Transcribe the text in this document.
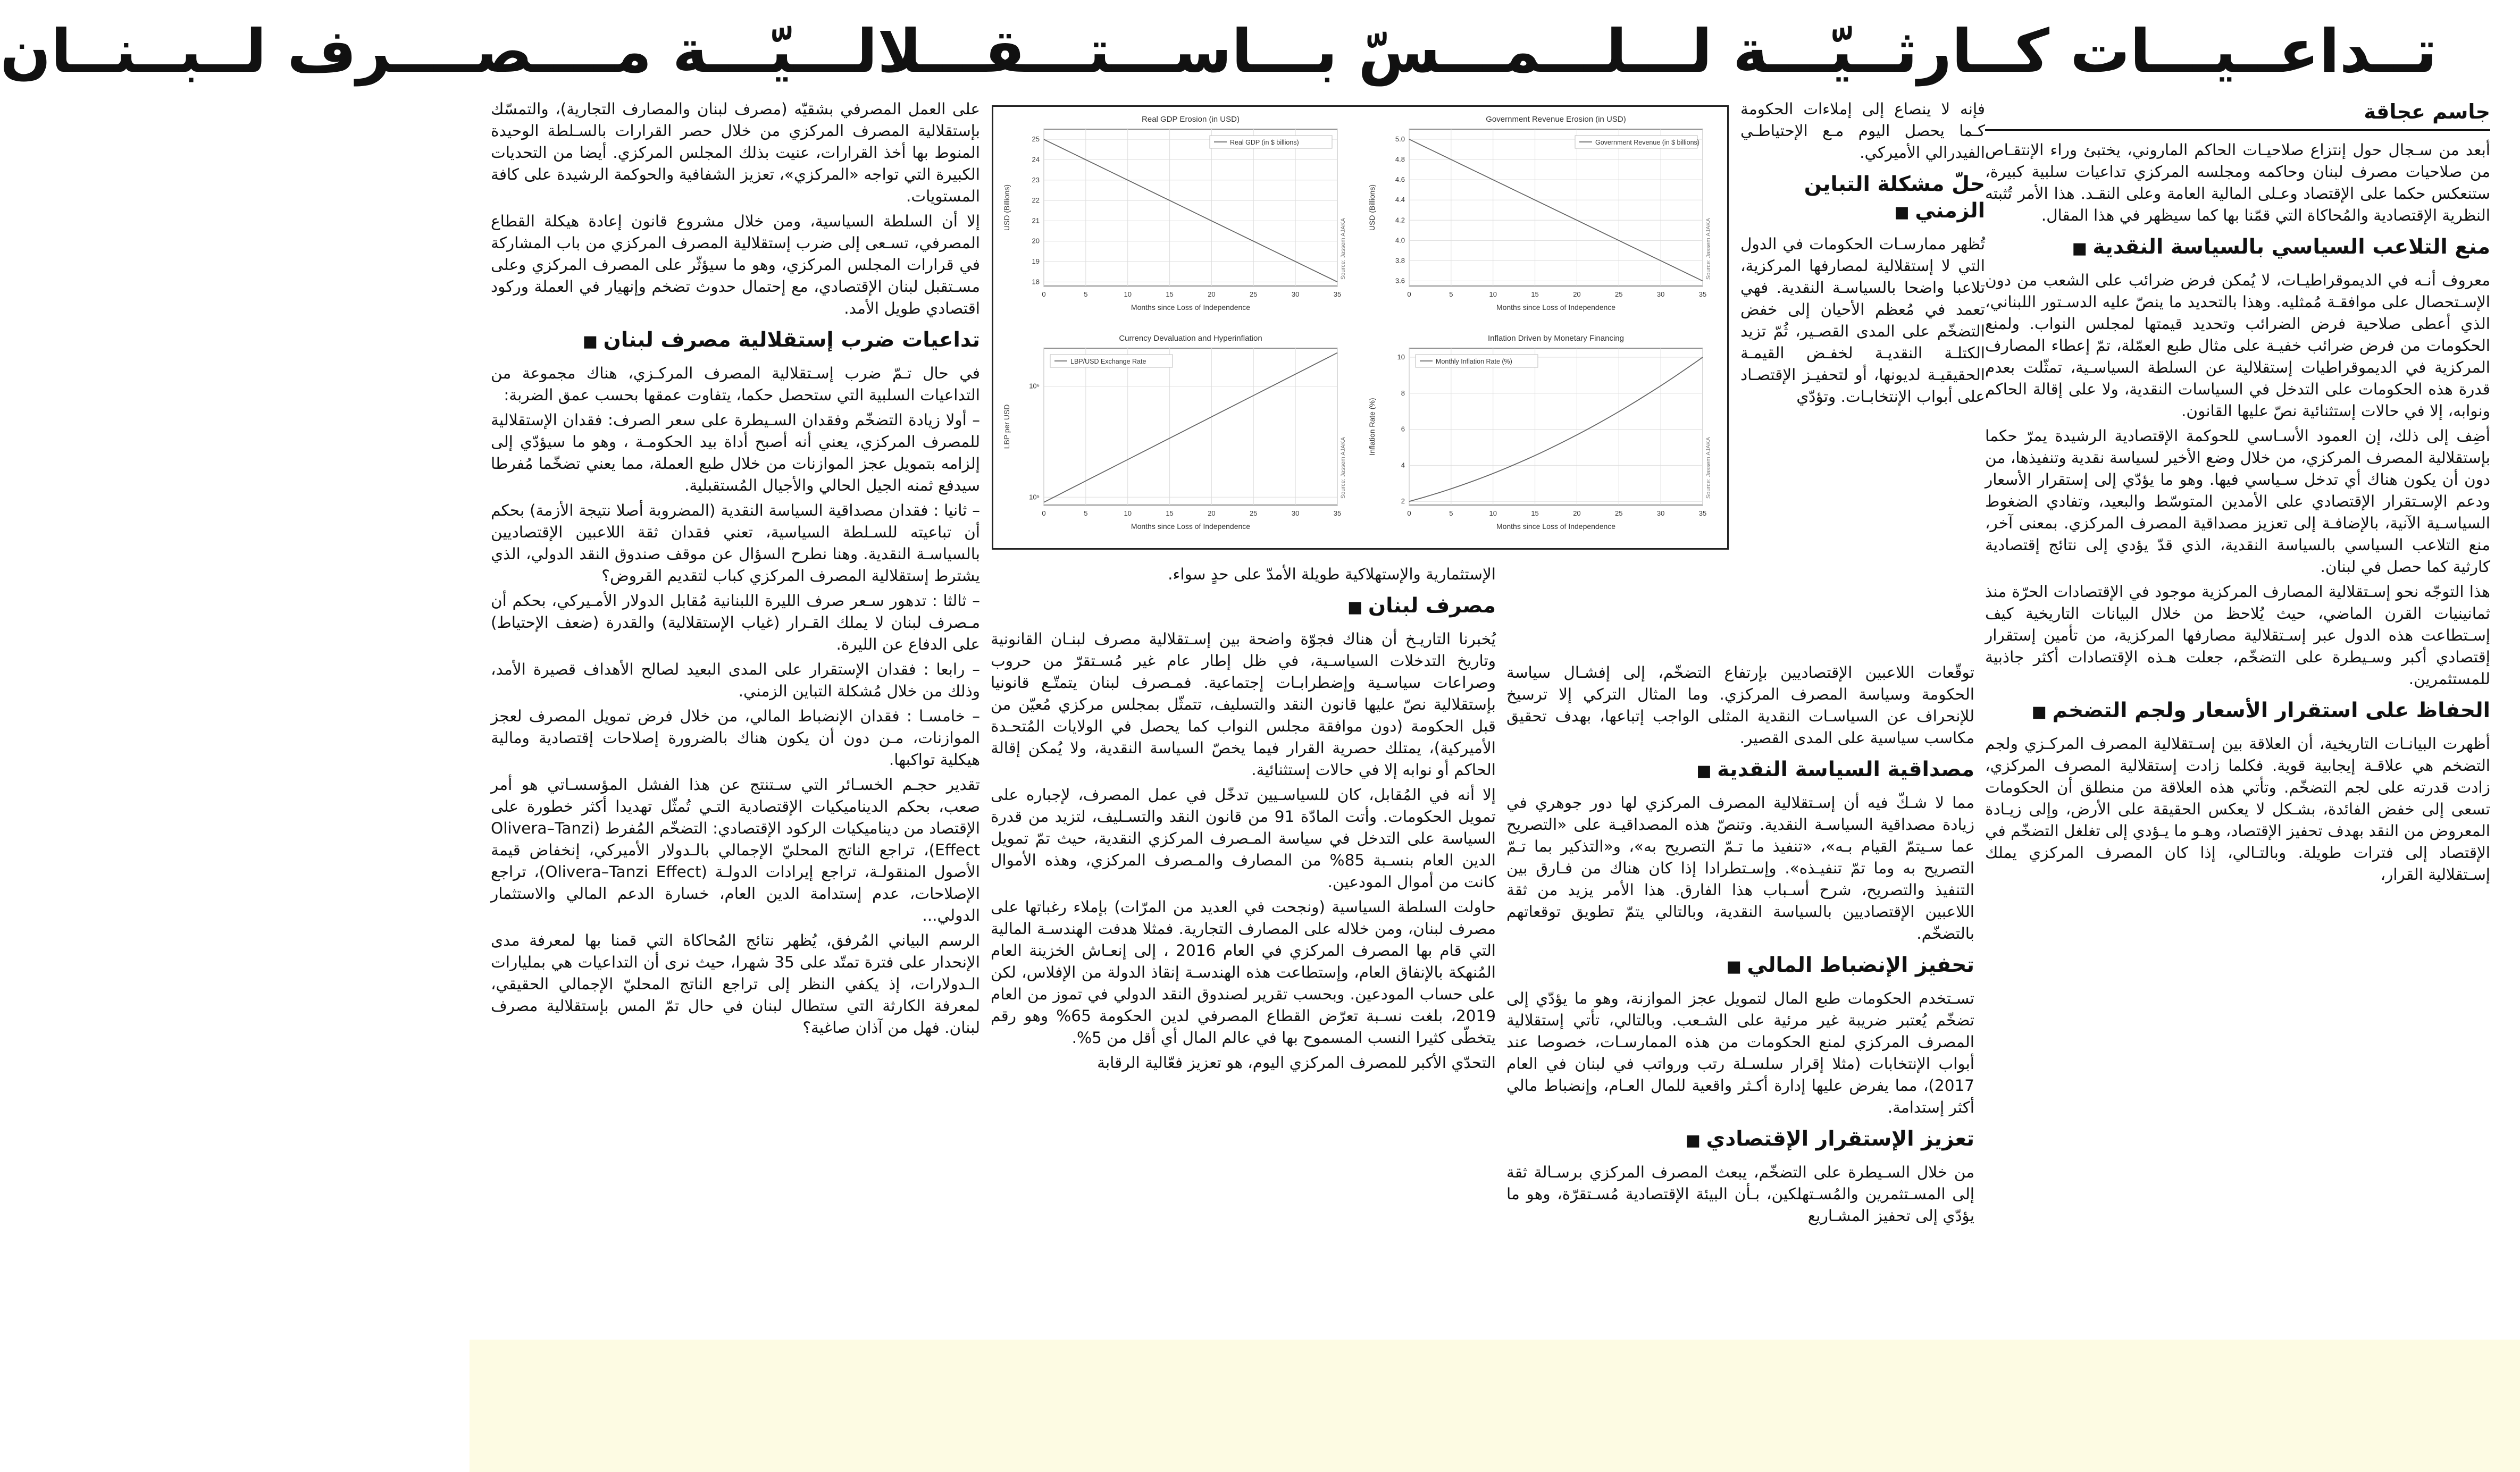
تــداعــيـــات كــارثــيّـــة لـــلـــمـــسّ بـــاســـتـــقـــلالـــيّـــة مــــصــــرف لــبــنــان
جاسم عجاقة

أبعد من سـجال حول إنتزاع صلاحيـات الحاكم الماروني، يختبئ وراء الإنتقـاص من صلاحيات مصرف لبنان وحاكمه ومجلسه المركزي تداعيات سلبية كبيرة، ستنعكس حكما على الإقتصاد وعـلى المالية العامة وعلى النقـد. هذا الأمر تُثبته النظرية الإقتصادية والمُحاكاة التي قمّنا بها كما سيظهر في هذا المقال.

منع التلاعب السياسي بالسياسة النقدية ■

معروف أنـه في الديموقراطيـات، لا يُمكن فرض ضرائب على الشعب من دون الإسـتحصال على موافقـة مُمثليه. وهذا بالتحديد ما ينصّ عليه الدسـتور اللبناني، الذي أعطى صلاحية فرض الضرائب وتحديد قيمتها لمجلس النواب. ولمنع الحكومات من فرض ضرائب خفيـة على مثال طبع العمّلة، تمّ إعطاء المصارف المركزية في الديموقراطيات إستقلالية عن السلطة السياسـية، تمثّلت بعدم قدرة هذه الحكومات على التدخل في السياسات النقدية، ولا على إقالة الحاكم ونوابه، إلا في حالات إستثنائية نصّ عليها القانون.

أضِف إلى ذلك، إن العمود الأسـاسي للحوكمة الإقتصادية الرشيدة يمرّ حكما بإستقلالية المصرف المركزي، من خلال وضع الأخير لسياسة نقدية وتنفيذها، من دون أن يكون هناك أي تدخل سـياسي فيها. وهو ما يؤدّي إلى إستقرار الأسعار ودعم الإسـتقرار الإقتصادي على الأمدين المتوسّط والبعيد، وتفادي الضغوط السياسـية الآنية، بالإضافـة إلى تعزيز مصداقية المصرف المركزي. بمعنى آخر، منع التلاعب السياسي بالسياسة النقدية، الذي قدّ يؤدي إلى نتائج إقتصادية كارثية كما حصل في لبنان.

هذا التوجّه نحو إسـتقلالية المصارف المركزية موجود في الإقتصادات الحرّة منذ ثمانينيات القرن الماضي، حيث يُلاحظ من خلال البيانات التاريخية كيف إسـتطاعت هذه الدول عبر إسـتقلالية مصارفها المركزية، من تأمين إستقرار إقتصادي أكبر وسـيطرة على التضخّم، جعلت هـذه الإقتصادات أكثر جاذبية للمستثمرين.

الحفاظ على استقرار الأسعار ولجم التضخم ■

أظهرت البيانـات التاريخية، أن العلاقة بين إسـتقلالية المصرف المركـزي ولجم التضخم هي علاقـة إيجابية قوية. فكلما زادت إستقلالية المصرف المركزي، زادت قدرته على لجم التضخّم. وتأتي هذه العلاقة من منطلق أن الحكومات تسعى إلى خفض الفائدة، بشـكل لا يعكس الحقيقة على الأرض، وإلى زيـادة المعروض من النقد بهدف تحفيز الإقتصاد، وهـو ما يـؤدي إلى تغلغل التضخّم في الإقتصاد إلى فترات طويلة. وبالتـالي، إذا كان المصرف المركزي يملك إسـتقلالية القرار،

فإنه لا ينصاع إلى إملاءات الحكومة كـما يحصل اليوم مـع الإحتياطـي الفيدرالي الأميركي.

حلّ مشكلة التباين الزمني ■

تُظهر ممارسـات الحكومات في الدول التي لا إستقلالية لمصارفها المركزية، تلاعبا واضحا بالسياسـة النقدية. فهي تعمد في مُعظم الأحيان إلى خفض التضخّم على المدى القصـير، ثُمّ تزيد الكتلـة النقديـة لخفـض القيمـة الحقيقيـة لديونها، أو لتحفيـز الإقتصـاد على أبواب الإنتخابـات. وتؤدّي

توقّعات اللاعبين الإقتصاديين بإرتفاع التضخّم، إلى إفشـال سياسة الحكومة وسياسة المصرف المركزي. وما المثال التركي إلا ترسيخ للإنحراف عن السياسـات النقدية المثلى الواجب إتباعها، بهدف تحقيق مكاسب سياسية على المدى القصير.

مصداقية السياسة النقدية ■

مما لا شـكّ فيه أن إسـتقلالية المصرف المركزي لها دور جوهري في زيادة مصداقية السياسـة النقدية. وتنصّ هذه المصداقيـة على «التصريح عما سـيتمّ القيام بـه»، «تنفيذ ما تـمّ التصريح به»، و«التذكير بما تـمّ التصريح به وما تمّ تنفيـذه». وإسـتطرادا إذا كان هناك من فـارق بين التنفيذ والتصريح، شرح أسـباب هذا الفارق. هذا الأمر يزيد من ثقة اللاعبين الإقتصاديين بالسياسة النقدية، وبالتالي يتمّ تطويق توقعاتهم بالتضخّم.

تحفيز الإنضباط المالي ■

تسـتخدم الحكومات طبع المال لتمويل عجز الموازنة، وهو ما يؤدّي إلى تضخّم يُعتبر ضريبة غير مرئية على الشـعب. وبالتالي، تأتي إستقلالية المصرف المركزي لمنع الحكومات من هذه الممارسـات، خصوصا عند أبواب الإنتخابات (مثلا إقرار سلسـلة رتب ورواتب في لبنان في العام 2017)، مما يفرض عليها إدارة أكـثر واقعية للمال العـام، وإنضباط مالي أكثر إستدامة.

تعزيز الإستقرار الإقتصادي ■

من خلال السـيطرة على التضخّم، يبعث المصرف المركزي برسـالة ثقة إلى المسـتثمرين والمُسـتهلكين، بـأن البيئة الإقتصادية مُسـتقرّة، وهو ما يؤدّي إلى تحفيز المشـاريع

الإستثمارية والإستهلاكية طويلة الأمدّ على حدٍ سواء.

مصرف لبنان ■

يُخبرنا التاريـخ أن هناك فجوّة واضحة بين إسـتقلالية مصرف لبنـان القانونية وتاريخ التدخلات السياسـية، في ظل إطار عام غير مُسـتقرّ من حروب وصراعات سياسـية وإضطرابـات إجتماعية. فمـصرف لبنان يتمتّـع قانونيا بإستقلالية نصّ عليها قانون النقد والتسليف، تتمثّل بمجلس مركزي مُعيّن من قبل الحكومة (دون موافقة مجلس النواب كما يحصل في الولايات المُتحـدة الأميركية)، يمتلك حصرية القرار فيما يخصّ السياسة النقدية، ولا يُمكن إقالة الحاكم أو نوابه إلا في حالات إستثنائية.

إلا أنه في المُقابل، كان للسياسـيين تدخّل في عمل المصرف، لإجباره على تمويل الحكومات. وأتت المادّة 91 من قانون النقد والتسـليف، لتزيد من قدرة السياسة على التدخل في سياسة المـصرف المركزي النقدية، حيث تمّ تمويل الدين العام بنسـبة 85% من المصارف والمـصرف المركزي، وهذه الأموال كانت من أموال المودعين.

حاولت السلطة السياسية (ونجحت في العديد من المرّات) بإملاء رغباتها على مصرف لبنان، ومن خلاله على المصارف التجارية. فمثلا هدفت الهندسـة المالية التي قام بها المصرف المركزي في العام 2016 ، إلى إنعـاش الخزينة العام المُنهكة بالإنفاق العام، وإستطاعت هذه الهندسـة إنقاذ الدولة من الإفلاس، لكن على حساب المودعين. وبحسب تقرير لصندوق النقد الدولي في تموز من العام 2019، بلغت نسـبة تعرّض القطاع المصرفي لدين الحكومة 65% وهو رقم يتخطّى كثيرا النسب المسموح بها في عالم المال أي أقل من 5%.

التحدّي الأكبر للمصرف المركزي اليوم، هو تعزيز فعّالية الرقابة

على العمل المصرفي بشقيّه (مصرف لبنان والمصارف التجارية)، والتمسّك بإستقلالية المصرف المركزي من خلال حصر القرارات بالسـلطة الوحيدة المنوط بها أخذ القرارات، عنيت بذلك المجلس المركزي. أيضا من التحديات الكبيرة التي تواجه «المركزي»، تعزيز الشفافية والحوكمة الرشيدة على كافة المستويات.

إلا أن السلطة السياسية، ومن خلال مشروع قانون إعادة هيكلة القطاع المصرفي، تسـعى إلى ضرب إستقلالية المصرف المركزي من باب المشاركة في قرارات المجلس المركزي، وهو ما سيؤثّر على المصرف المركزي وعلى مسـتقبل لبنان الإقتصادي، مع إحتمال حدوث تضخم وإنهيار في العملة وركود اقتصادي طويل الأمد.

تداعيات ضرب إستقلالية مصرف لبنان ■

في حال تـمّ ضرب إسـتقلالية المصرف المركـزي، هناك مجموعة من التداعيات السلبية التي ستحصل حكما، يتفاوت عمقها بحسب عمق الضربة:

– أولا زيادة التضخّم وفقدان السـيطرة على سعر الصرف: فقدان الإستقلالية للمصرف المركزي، يعني أنه أصبح أداة بيد الحكومـة ، وهو ما سيؤدّي إلى إلزامه بتمويل عجز الموازنات من خلال طبع العملة، مما يعني تضخّما مُفرطا سيدفع ثمنه الجيل الحالي والأجيال المُستقبلية.

– ثانيا : فقدان مصداقية السياسة النقدية (المضروبة أصلا نتيجة الأزمة) بحكم أن تباعيته للسـلطة السياسية، تعني فقدان ثقة اللاعبين الإقتصاديين بالسياسـة النقدية. وهنا نطرح السؤال عن موقف صندوق النقد الدولي، الذي يشترط إستقلالية المصرف المركزي كباب لتقديم القروض؟

– ثالثا : تدهور سـعر صرف الليرة اللبنانية مُقابل الدولار الأمـيركي، بحكم أن مـصرف لبنان لا يملك القـرار (غياب الإستقلالية) والقدرة (ضعف الإحتياط) على الدفاع عن الليرة.

– رابعا : فقدان الإستقرار على المدى البعيد لصالح الأهداف قصيرة الأمد، وذلك من خلال مُشكلة التباين الزمني.

– خامسـا : فقدان الإنضباط المالي، من خلال فرض تمويل المصرف لعجز الموازنات، مـن دون أن يكون هناك بالضرورة إصلاحات إقتصادية ومالية هيكلية تواكبها.

تقدير حجـم الخسـائر التي سـتنتج عن هذا الفشل المؤسسـاتي هو أمر صعب، بحكم الديناميكيات الإقتصادية التـي تُمثّل تهديدا أكثر خطورة على الإقتصاد من ديناميكيات الركود الإقتصادي: التضخّم المُفرط (Olivera–Tanzi Effect)، تراجع الناتج المحليّ الإجمالي بالـدولار الأميركي، إنخفاض قيمة الأصول المنقولـة، تراجع إيرادات الدولـة (Olivera–Tanzi Effect)، تراجع الإصلاحات، عدم إستدامة الدين العام، خسارة الدعم المالي والاستثمار الدولي...

الرسم البياني المُرفق، يُظهر نتائج المُحاكاة التي قمنا بها لمعرفة مدى الإنحدار على فترة تمتّد على 35 شهرا، حيث نرى أن التداعيات هي بمليارات الـدولارات، إذ يكفي النظر إلى تراجع الناتج المحليّ الإجمالي الحقيقي، لمعرفة الكارثة التي ستطال لبنان في حال تمّ المس بإستقلالية مصرف لبنان. فهل من آذان صاغية؟

Real GDP Erosion (in USD)
0	5	10	15	20	25	30	35
18
19
20
21
22
23
24
25	Real GDP (in $ billions)
Months since Loss of Independence
USD (Billions)
Source: Jassem AJAKA
Government Revenue Erosion (in USD)
0	5	10	15	20	25	30	35
3.6
3.8
4.0
4.2
4.4
4.6
4.8
5.0	Government Revenue (in $ billions)
Months since Loss of Independence
USD (Billions)
Source: Jassem AJAKA
Currency Devaluation and Hyperinflation
0	5	10	15	20	25	30	35
10⁵
10⁶
LBP/USD Exchange Rate
Months since Loss of Independence
LBP per USD
Source: Jassem AJAKA
Inflation Driven by Monetary Financing
0	5	10	15	20	25	30	35
2
4
6
8
10
Monthly Inflation Rate (%)
Months since Loss of Independence
Inflation Rate (%)
Source: Jassem AJAKA
